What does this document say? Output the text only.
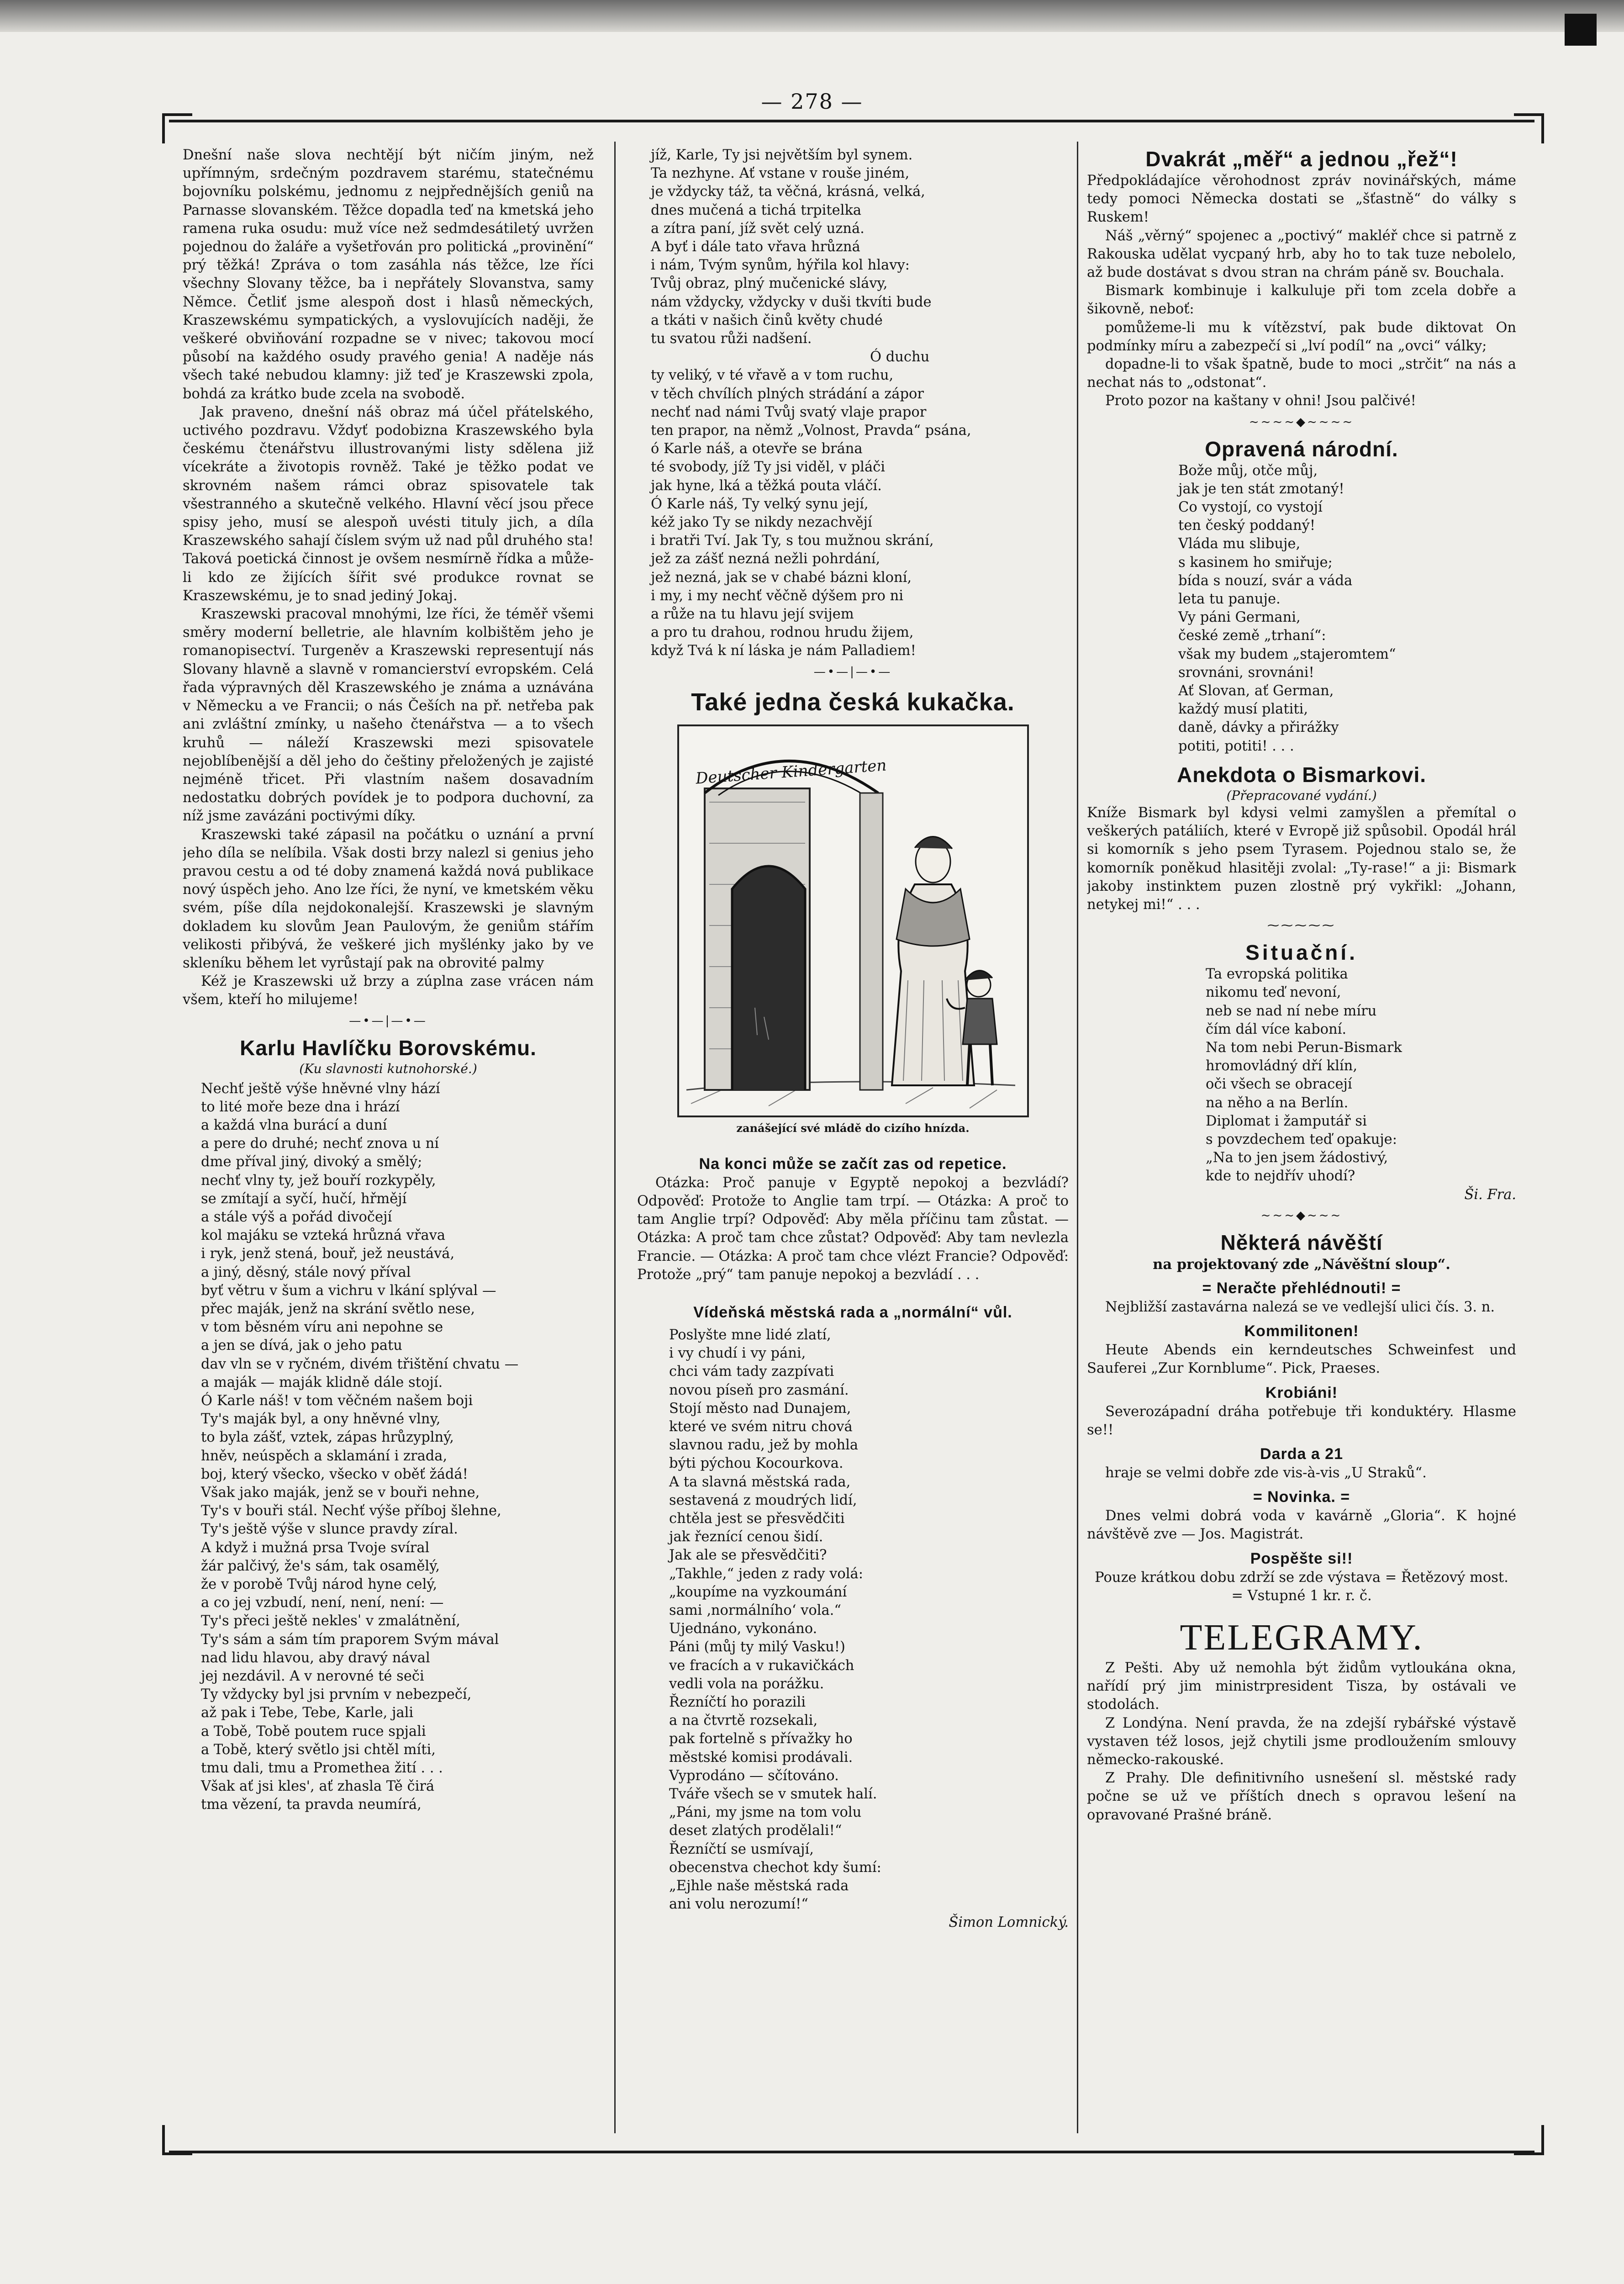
— 278 —

Dnešní naše slova nechtějí být ničím jiným, než upřímným, srdečným pozdravem starému, statečnému bojovníku polskému, jednomu z nejpřednějších geniů na Parnasse slovanském. Těžce dopadla teď na kmetská jeho ramena ruka osudu: muž více než sedmdesátiletý uvržen pojednou do žaláře a vyšetřován pro politická „provinění“ prý těžká! Zpráva o tom zasáhla nás těžce, lze říci všechny Slovany těžce, ba i nepřátely Slovanstva, samy Němce. Četliť jsme alespoň dost i hlasů německých, Kraszewskému sympatických, a vyslovujících naději, že veškeré obviňování rozpadne se v nivec; takovou mocí působí na každého osudy pravého genia! A naděje nás všech také nebudou klamny: již teď je Kraszewski zpola, bohdá za krátko bude zcela na svobodě.

Jak praveno, dnešní náš obraz má účel přátelského, uctivého pozdravu. Vždyť podobizna Kraszewského byla českému čtenářstvu illustrovanými listy sdělena již vícekráte a životopis rovněž. Také je těžko podat ve skrovném našem rámci obraz spisovatele tak všestranného a skutečně velkého. Hlavní věcí jsou přece spisy jeho, musí se alespoň uvésti tituly jich, a díla Kraszewského sahají číslem svým už nad půl druhého sta! Taková poetická činnost je ovšem nesmírně řídka a může-li kdo ze žijících šířit své produkce rovnat se Kraszewskému, je to snad jediný Jokaj.

Kraszewski pracoval mnohými, lze říci, že téměř všemi směry moderní belletrie, ale hlavním kolbištěm jeho je romanopisectví. Turgeněv a Kraszewski representují nás Slovany hlavně a slavně v romancierství evropském. Celá řada výpravných děl Kraszewského je známa a uznávána v Německu a ve Francii; o nás Češích na př. netřeba pak ani zvláštní zmínky, u našeho čtenářstva — a to všech kruhů — náleží Kraszewski mezi spisovatele nejoblíbenější a děl jeho do češtiny přeložených je zajisté nejméně třicet. Při vlastním našem dosavadním nedostatku dobrých povídek je to podpora duchovní, za níž jsme zavázáni poctivými díky.

Kraszewski také zápasil na počátku o uznání a první jeho díla se nelíbila. Však dosti brzy nalezl si genius jeho pravou cestu a od té doby znamená každá nová publikace nový úspěch jeho. Ano lze říci, že nyní, ve kmetském věku svém, píše díla nejdokonalejší. Kraszewski je slavným dokladem ku slovům Jean Paulovým, že geniům stářím velikosti přibývá, že veškeré jich myšlénky jako by ve skleníku během let vyrůstají pak na obrovité palmy

Kéž je Kraszewski už brzy a zúplna zase vrácen nám všem, kteří ho milujeme!

—•—|—•—
Karlu Havlíčku Borovskému.
(Ku slavnosti kutnohorské.)
Nechť ještě výše hněvné vlny hází
to lité moře beze dna i hrází
a každá vlna burácí a duní
a pere do druhé; nechť znova u ní
dme příval jiný, divoký a smělý;
nechť vlny ty, jež bouří rozkypěly,
se zmítají a syčí, hučí, hřmějí
a stále výš a pořád divočejí
kol majáku se vzteká hrůzná vřava
i ryk, jenž stená, bouř, jež neustává,
a jiný, děsný, stále nový příval
byť větru v šum a vichru v lkání splýval —
přec maják, jenž na skrání světlo nese,
v tom běsném víru ani nepohne se
a jen se dívá, jak o jeho patu
dav vln se v ryčném, divém třištění chvatu —
a maják — maják klidně dále stojí.
Ó Karle náš! v tom věčném našem boji
Ty's maják byl, a ony hněvné vlny,
to byla zášť, vztek, zápas hrůzyplný,
hněv, neúspěch a sklamání i zrada,
boj, který všecko, všecko v oběť žádá!
Však jako maják, jenž se v bouři nehne,
Ty's v bouři stál. Nechť výše příboj šlehne,
Ty's ještě výše v slunce pravdy zíral.
A když i mužná prsa Tvoje svíral
žár palčivý, že's sám, tak osamělý,
že v porobě Tvůj národ hyne celý,
a co jej vzbudí, není, není, není: —
Ty's přeci ještě neklesˈ v zmalátnění,
Ty's sám a sám tím praporem Svým mával
nad lidu hlavou, aby dravý nával
jej nezdávil. A v nerovné té seči
Ty vždycky byl jsi prvním v nebezpečí,
až pak i Tebe, Tebe, Karle, jali
a Tobě, Tobě poutem ruce spjali
a Tobě, který světlo jsi chtěl míti,
tmu dali, tmu a Promethea žití . . .
Však ať jsi kles', ať zhasla Tě čirá
tma vězení, ta pravda neumírá,
jíž, Karle, Ty jsi největším byl synem.
Ta nezhyne. Ať vstane v rouše jiném,
je vždycky táž, ta věčná, krásná, velká,
dnes mučená a tichá trpitelka
a zítra paní, jíž svět celý uzná.
A byť i dále tato vřava hrůzná
i nám, Tvým synům, hýřila kol hlavy:
Tvůj obraz, plný mučenické slávy,
nám vždycky, vždycky v duši tkvíti bude
a tkáti v našich činů květy chudé
tu svatou růži nadšení.
Ó duchu
ty veliký, v té vřavě a v tom ruchu,
v těch chvílích plných strádání a zápor
nechť nad námi Tvůj svatý vlaje prapor
ten prapor, na němž „Volnost, Pravda“ psána,
ó Karle náš, a otevře se brána
té svobody, jíž Ty jsi viděl, v pláči
jak hyne, lká a těžká pouta vláčí.
Ó Karle náš, Ty velký synu její,
kéž jako Ty se nikdy nezachvějí
i bratři Tví. Jak Ty, s tou mužnou skrání,
jež za zášť nezná nežli pohrdání,
jež nezná, jak se v chabé bázni kloní,
i my, i my nechť věčně dýšem pro ni
a růže na tu hlavu její svijem
a pro tu drahou, rodnou hrudu žijem,
když Tvá k ní láska je nám Palladiem!
—•—|—•—
Také jedna česká kukačka.
Deutscher Kindergarten
zanášející své mládě do cizího hnízda.
Na konci může se začít zas od repetice.

Otázka: Proč panuje v Egyptě nepokoj a bezvládí? Odpověď: Protože to Anglie tam trpí. — Otázka: A proč to tam Anglie trpí? Odpověď: Aby měla příčinu tam zůstat. — Otázka: A proč tam chce zůstat? Odpověď: Aby tam nevlezla Francie. — Otázka: A proč tam chce vlézt Francie? Odpověď: Protože „prý“ tam panuje nepokoj a bezvládí . . .

Vídeňská městská rada a „normální“ vůl.
Poslyšte mne lidé zlatí,
i vy chudí i vy páni,
chci vám tady zazpívati
novou píseň pro zasmání.
Stojí město nad Dunajem,
které ve svém nitru chová
slavnou radu, jež by mohla
býti pýchou Kocourkova.
A ta slavná městská rada,
sestavená z moudrých lidí,
chtěla jest se přesvědčiti
jak řeznící cenou šidí.
Jak ale se přesvědčiti?
„Takhle,“ jeden z rady volá:
„koupíme na vyzkoumání
sami ‚normálního‘ vola.“
Ujednáno, vykonáno.
Páni (můj ty milý Vasku!)
ve fracích a v rukavičkách
vedli vola na porážku.
Řezníčtí ho porazili
a na čtvrtě rozsekali,
pak fortelně s přívažky ho
městské komisi prodávali.
Vyprodáno — sčítováno.
Tváře všech se v smutek halí.
„Páni, my jsme na tom volu
deset zlatých prodělali!“
Řezníčtí se usmívají,
obecenstva chechot kdy šumí:
„Ejhle naše městská rada
ani volu nerozumí!“
Šimon Lomnický.
Dvakrát „měř“ a jednou „řež“!

Předpokládajíce věrohodnost zpráv novinářských, máme tedy pomoci Německa dostati se „šťastně“ do války s Ruskem!

Náš „věrný“ spojenec a „poctivý“ makléř chce si patrně z Rakouska udělat vycpaný hrb, aby ho to tak tuze nebolelo, až bude dostávat s dvou stran na chrám páně sv. Bouchala.

Bismark kombinuje i kalkuluje při tom zcela dobře a šikovně, neboť:

pomůžeme-li mu k vítězství, pak bude diktovat On podmínky míru a zabezpečí si „lví podíl“ na „ovci“ války;

dopadne-li to však špatně, bude to moci „strčit“ na nás a nechat nás to „odstonat“.

Proto pozor na kaštany v ohni! Jsou palčivé!

~~~~◆~~~~
Opravená národní.
Bože můj, otče můj,
jak je ten stát zmotaný!
Co vystojí, co vystojí
ten český poddaný!
Vláda mu slibuje,
s kasinem ho smiřuje;
bída s nouzí, svár a váda
leta tu panuje.
Vy páni Germani,
české země „trhaní“:
však my budem „stajeromtem“
srovnáni, srovnáni!
Ať Slovan, ať German,
každý musí platiti,
daně, dávky a přirážky
potiti, potiti! . . .
Anekdota o Bismarkovi.
(Přepracované vydání.)

Kníže Bismark byl kdysi velmi zamyšlen a přemítal o veškerých patáliích, které v Evropě již spůsobil. Opodál hrál si komorník s jeho psem Tyrasem. Pojednou stalo se, že komorník poněkud hlasitěji zvolal: „Ty-rase!“ a ji: Bismark jakoby instinktem puzen zlostně prý vykřikl: „Johann, netykej mi!“ . . .

⁓⁓⁓⁓⁓
Situační.
Ta evropská politika
nikomu teď nevoní,
neb se nad ní nebe míru
čím dál více kaboní.
Na tom nebi Perun-Bismark
hromovládný dří klín,
oči všech se obracejí
na něho a na Berlín.
Diplomat i žamputář si
s povzdechem teď opakuje:
„Na to jen jsem žádostivý,
kde to nejdřív uhodí?
Ši. Fra.
~~~◆~~~
Některá návěští
na projektovaný zde „Návěštní sloup“.
= Neračte přehlédnouti! =

Nejbližší zastavárna nalezá se ve vedlejší ulici čís. 3. n.

Kommilitonen!

Heute Abends ein kerndeutsches Schweinfest und Sauferei „Zur Kornblume“. Pick, Praeses.

Krobiáni!

Severozápadní dráha potřebuje tři konduktéry. Hlasme se!!

Darda a 21

hraje se velmi dobře zde vis-à-vis „U Straků“.

= Novinka. =

Dnes velmi dobrá voda v kavárně „Gloria“. K hojné návštěvě zve — Jos. Magistrát.

Pospěšte si!!

Pouze krátkou dobu zdrží se zde výstava = Řetězový most. = Vstupné 1 kr. r. č.

TELEGRAMY.

Z Pešti. Aby už nemohla být židům vytloukána okna, nařídí prý jim ministrpresident Tisza, by ostávali ve stodolách.

Z Londýna. Není pravda, že na zdejší rybářské výstavě vystaven též losos, jejž chytili jsme prodloužením smlouvy německo-rakouské.

Z Prahy. Dle definitivního usnešení sl. městské rady počne se už ve příštích dnech s opravou lešení na opravované Prašné bráně.
